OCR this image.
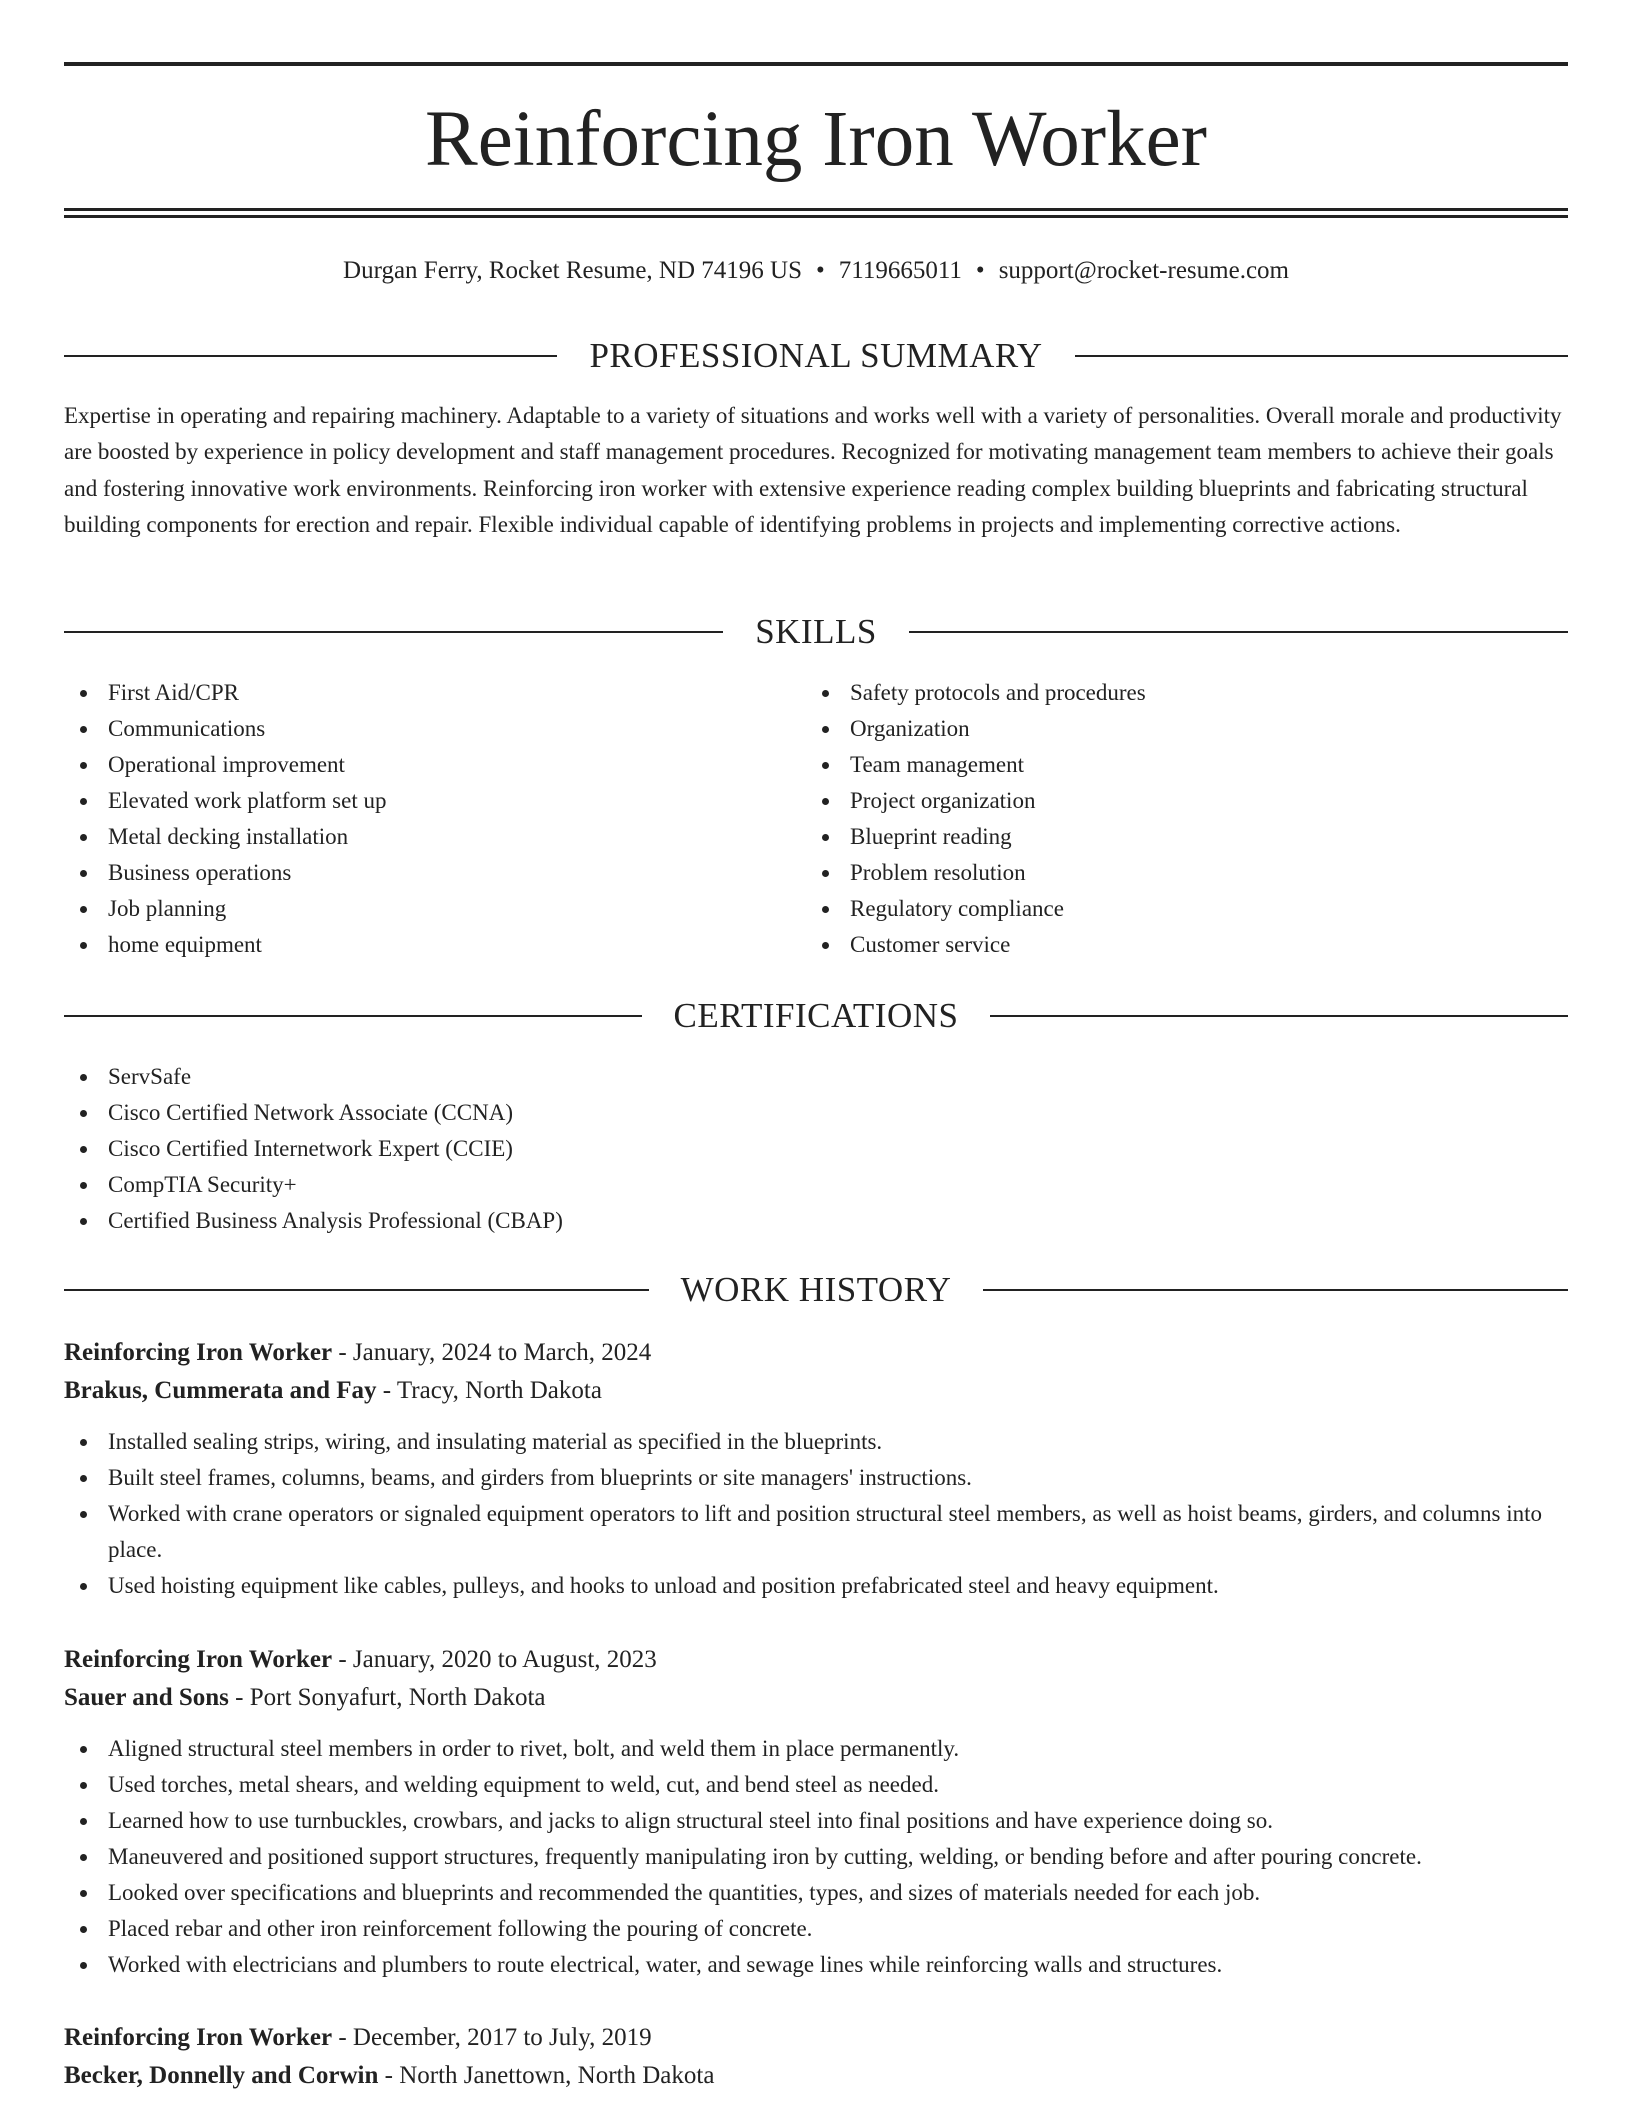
Reinforcing Iron Worker
Durgan Ferry, Rocket Resume, ND 74196 US • 7119665011 • support@rocket-resume.com
PROFESSIONAL SUMMARY

Expertise in operating and repairing machinery. Adaptable to a variety of situations and works well with a variety of personalities. Overall morale and productivity are boosted by experience in policy development and staff management procedures. Recognized for motivating management team members to achieve their goals and fostering innovative work environments. Reinforcing iron worker with extensive experience reading complex building blueprints and fabricating structural building components for erection and repair. Flexible individual capable of identifying problems in projects and implementing corrective actions.

SKILLS
First Aid/CPR
Communications
Operational improvement
Elevated work platform set up
Metal decking installation
Business operations
Job planning
home equipment
Safety protocols and procedures
Organization
Team management
Project organization
Blueprint reading
Problem resolution
Regulatory compliance
Customer service
CERTIFICATIONS
ServSafe
Cisco Certified Network Associate (CCNA)
Cisco Certified Internetwork Expert (CCIE)
CompTIA Security+
Certified Business Analysis Professional (CBAP)
WORK HISTORY
Reinforcing Iron Worker - January, 2024 to March, 2024
Brakus, Cummerata and Fay - Tracy, North Dakota
Installed sealing strips, wiring, and insulating material as specified in the blueprints.
Built steel frames, columns, beams, and girders from blueprints or site managers' instructions.
Worked with crane operators or signaled equipment operators to lift and position structural steel members, as well as hoist beams, girders, and columns into place.
Used hoisting equipment like cables, pulleys, and hooks to unload and position prefabricated steel and heavy equipment.
Reinforcing Iron Worker - January, 2020 to August, 2023
Sauer and Sons - Port Sonyafurt, North Dakota
Aligned structural steel members in order to rivet, bolt, and weld them in place permanently.
Used torches, metal shears, and welding equipment to weld, cut, and bend steel as needed.
Learned how to use turnbuckles, crowbars, and jacks to align structural steel into final positions and have experience doing so.
Maneuvered and positioned support structures, frequently manipulating iron by cutting, welding, or bending before and after pouring concrete.
Looked over specifications and blueprints and recommended the quantities, types, and sizes of materials needed for each job.
Placed rebar and other iron reinforcement following the pouring of concrete.
Worked with electricians and plumbers to route electrical, water, and sewage lines while reinforcing walls and structures.
Reinforcing Iron Worker - December, 2017 to July, 2019
Becker, Donnelly and Corwin - North Janettown, North Dakota
